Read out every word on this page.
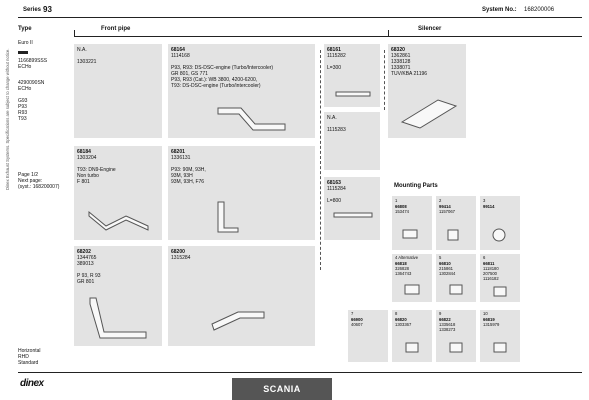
Series 93	System No.: 168200006
Dinex Exhaust Systems. Specifications are subject to change without notice.
Type	Front pipe	Silencer
Euro II
1166899SSS
ECHo
4290090SN
ECHo
G93
P93
R93
T93
Page 1/2
Next page:
(syst.: 168200007)
Horizontal
RHD
Standard
N.A.

1303221
68164
1114168

P93, R93: DS-DSC-engine (Turbo/Intercooler)
GR 801, GS 771
P93, R93 (Cat.): WB 3800, 4200-6200,
T93: DS-DSC-engine (Turbo/intercooler)
68161
1115282

L=300
68320
1362861
1338128
1338071
TUV/KBA 21196
N.A.

1115283
68184
1303204

T93: DN9-Engine
Non turbo
F 801
68201
1336131

P93: 90M, 93H,
93M, 93H
93M, 93H, F76	68163
1115284

L=800
68202
1344765
389013

P 93, R 93
GR 801
68200
1315284
Mounting Parts
1
66808
153474
2
99414
1157067
3
99114
4 Alternative
66818
326828
1364743
5
66810
215861
1302844
6
66811
1118180
207500
1116182
7
66900
40607
8
66820
1303367
9
66822
1335618
1338273
10
66819
1315979
dinex	SCANIA
